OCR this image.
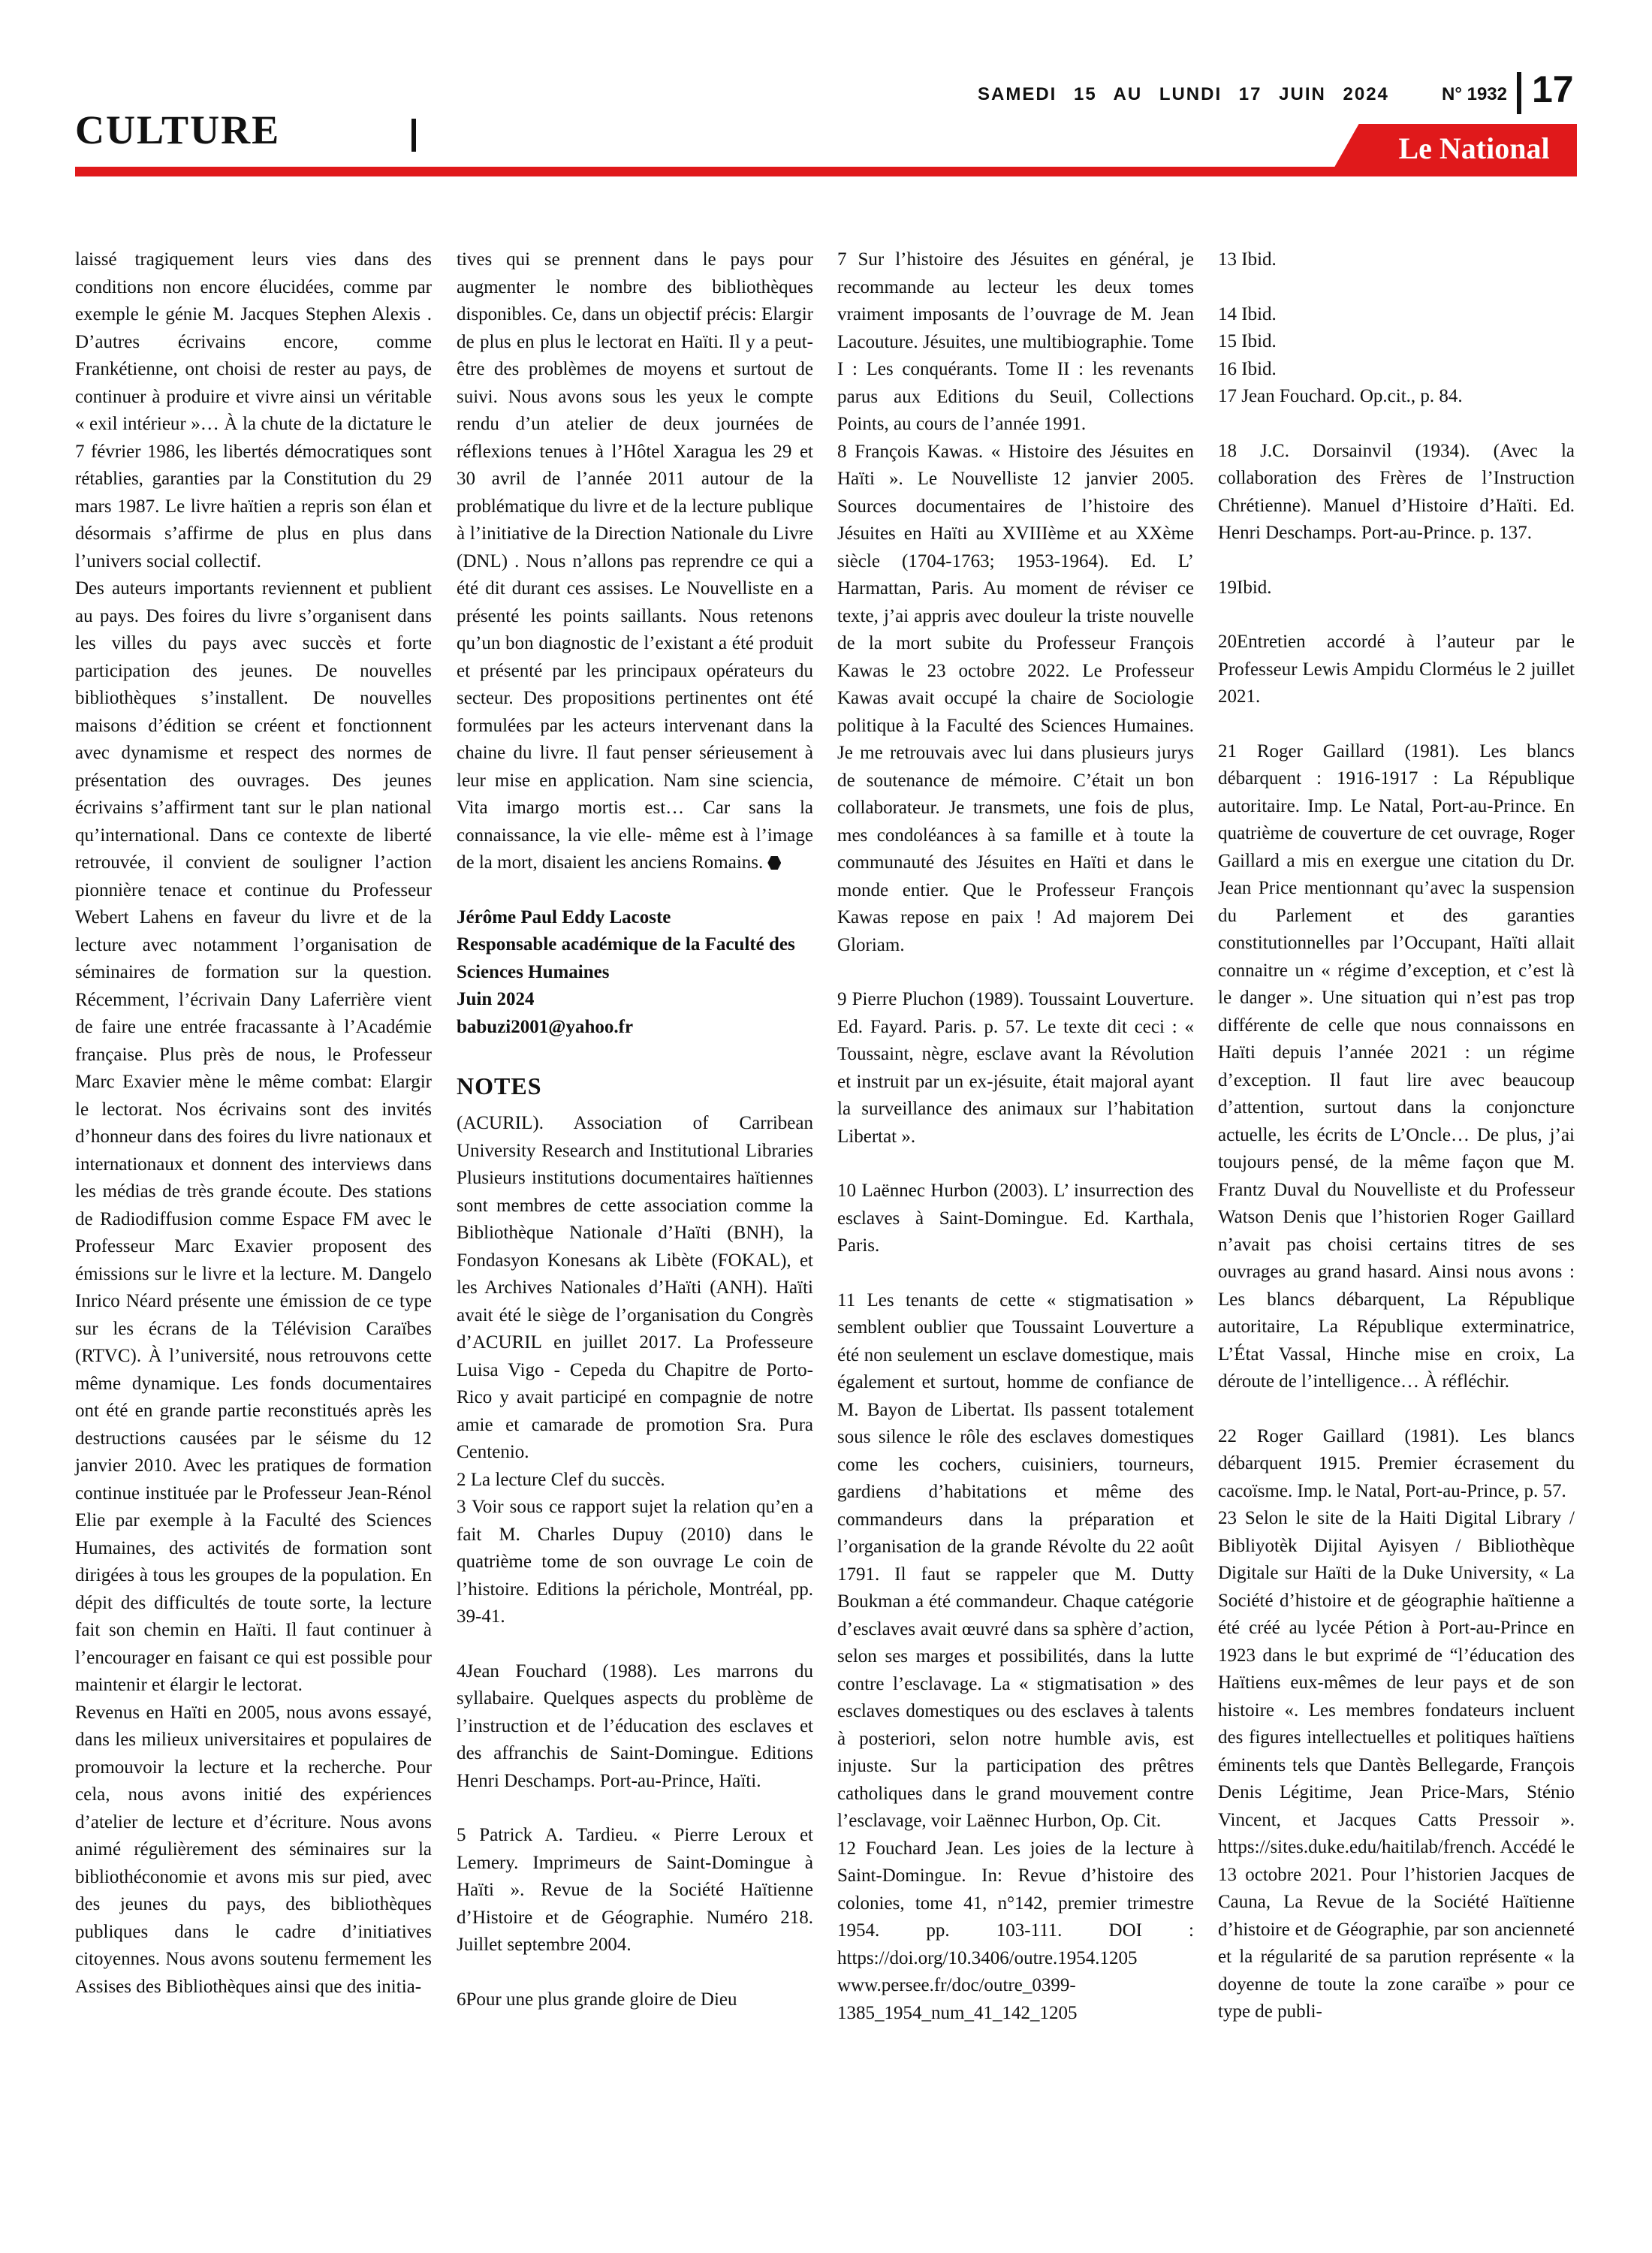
CULTURE
SAMEDI 15 AU LUNDI 17 JUIN 2024	N° 1932 17
Le National

laissé tragiquement leurs vies dans des conditions non encore élucidées, comme par exemple le génie M. Jacques Stephen Alexis . D’autres écrivains encore, comme Frankétienne, ont choisi de rester au pays, de continuer à produire et vivre ainsi un véritable « exil intérieur »… À la chute de la dictature le 7 février 1986, les libertés démocratiques sont rétablies, garanties par la Constitution du 29 mars 1987. Le livre haïtien a repris son élan et désormais s’affirme de plus en plus dans l’univers social collectif.

Des auteurs importants reviennent et publient au pays. Des foires du livre s’organisent dans les villes du pays avec succès et forte participation des jeunes. De nouvelles bibliothèques s’installent. De nouvelles maisons d’édition se créent et fonctionnent avec dynamisme et respect des normes de présentation des ouvrages. Des jeunes écrivains s’affirment tant sur le plan national qu’international. Dans ce contexte de liberté retrouvée, il convient de souligner l’action pionnière tenace et continue du Professeur Webert Lahens en faveur du livre et de la lecture avec notamment l’organisation de séminaires de formation sur la question. Récemment, l’écrivain Dany Laferrière vient de faire une entrée fracassante à l’Académie française. Plus près de nous, le Professeur Marc Exavier mène le même combat: Elargir le lectorat. Nos écrivains sont des invités d’honneur dans des foires du livre nationaux et internationaux et donnent des interviews dans les médias de très grande écoute. Des stations de Radiodiffusion comme Espace FM avec le Professeur Marc Exavier proposent des émissions sur le livre et la lecture. M. Dangelo Inrico Néard présente une émission de ce type sur les écrans de la Télévision Caraïbes (RTVC). À l’université, nous retrouvons cette même dynamique. Les fonds documentaires ont été en grande partie reconstitués après les destructions causées par le séisme du 12 janvier 2010. Avec les pratiques de formation continue instituée par le Professeur Jean-Rénol Elie par exemple à la Faculté des Sciences Humaines, des activités de formation sont dirigées à tous les groupes de la population. En dépit des difficultés de toute sorte, la lecture fait son chemin en Haïti. Il faut continuer à l’encourager en faisant ce qui est possible pour maintenir et élargir le lectorat.

Revenus en Haïti en 2005, nous avons essayé, dans les milieux universitaires et populaires de promouvoir la lecture et la recherche. Pour cela, nous avons initié des expériences d’atelier de lecture et d’écriture. Nous avons animé régulièrement des séminaires sur la bibliothéconomie et avons mis sur pied, avec des jeunes du pays, des bibliothèques publiques dans le cadre d’initiatives citoyennes. Nous avons soutenu fermement les Assises des Bibliothèques ainsi que des initia-

tives qui se prennent dans le pays pour augmenter le nombre des bibliothèques disponibles. Ce, dans un objectif précis: Elargir de plus en plus le lectorat en Haïti. Il y a peut-être des problèmes de moyens et surtout de suivi. Nous avons sous les yeux le compte rendu d’un atelier de deux journées de réflexions tenues à l’Hôtel Xaragua les 29 et 30 avril de l’année 2011 autour de la problématique du livre et de la lecture publique à l’initiative de la Direction Nationale du Livre (DNL) . Nous n’allons pas reprendre ce qui a été dit durant ces assises. Le Nouvelliste en a présenté les points saillants. Nous retenons qu’un bon diagnostic de l’existant a été produit et présenté par les principaux opérateurs du secteur. Des propositions pertinentes ont été formulées par les acteurs intervenant dans la chaine du livre. Il faut penser sérieusement à leur mise en application. Nam sine sciencia, Vita imargo mortis est… Car sans la connaissance, la vie elle- même est à l’image de la mort, disaient les anciens Romains.

Jérôme Paul Eddy Lacoste

Responsable académique de la Faculté des Sciences Humaines

Juin 2024

babuzi2001@yahoo.fr

NOTES

(ACURIL). Association of Carribean University Research and Institutional Libraries Plusieurs institutions documentaires haïtiennes sont membres de cette association comme la Bibliothèque Nationale d’Haïti (BNH), la Fondasyon Konesans ak Libète (FOKAL), et les Archives Nationales d’Haïti (ANH). Haïti avait été le siège de l’organisation du Congrès d’ACURIL en juillet 2017. La Professeure Luisa Vigo - Cepeda du Chapitre de Porto-Rico y avait participé en compagnie de notre amie et camarade de promotion Sra. Pura Centenio.

2 La lecture Clef du succès.

3 Voir sous ce rapport sujet la relation qu’en a fait M. Charles Dupuy (2010) dans le quatrième tome de son ouvrage Le coin de l’histoire. Editions la périchole, Montréal, pp. 39-41.

4Jean Fouchard (1988). Les marrons du syllabaire. Quelques aspects du problème de l’instruction et de l’éducation des esclaves et des affranchis de Saint-Domingue. Editions Henri Deschamps. Port-au-Prince, Haïti.

5 Patrick A. Tardieu. « Pierre Leroux et Lemery. Imprimeurs de Saint-Domingue à Haïti ». Revue de la Société Haïtienne d’Histoire et de Géographie. Numéro 218. Juillet septembre 2004.

6Pour une plus grande gloire de Dieu

7 Sur l’histoire des Jésuites en général, je recommande au lecteur les deux tomes vraiment imposants de l’ouvrage de M. Jean Lacouture. Jésuites, une multibiographie. Tome I : Les conquérants. Tome II : les revenants parus aux Editions du Seuil, Collections Points, au cours de l’année 1991.

8 François Kawas. « Histoire des Jésuites en Haïti ». Le Nouvelliste 12 janvier 2005. Sources documentaires de l’histoire des Jésuites en Haïti au XVIIIème et au XXème siècle (1704-1763; 1953-1964). Ed. L’ Harmattan, Paris. Au moment de réviser ce texte, j’ai appris avec douleur la triste nouvelle de la mort subite du Professeur François Kawas le 23 octobre 2022. Le Professeur Kawas avait occupé la chaire de Sociologie politique à la Faculté des Sciences Humaines. Je me retrouvais avec lui dans plusieurs jurys de soutenance de mémoire. C’était un bon collaborateur. Je transmets, une fois de plus, mes condoléances à sa famille et à toute la communauté des Jésuites en Haïti et dans le monde entier. Que le Professeur François Kawas repose en paix ! Ad majorem Dei Gloriam.

9 Pierre Pluchon (1989). Toussaint Louverture. Ed. Fayard. Paris. p. 57. Le texte dit ceci : « Toussaint, nègre, esclave avant la Révolution et instruit par un ex-jésuite, était majoral ayant la surveillance des animaux sur l’habitation Libertat ».

10 Laënnec Hurbon (2003). L’ insurrection des esclaves à Saint-Domingue. Ed. Karthala, Paris.

11 Les tenants de cette « stigmatisation » semblent oublier que Toussaint Louverture a été non seulement un esclave domestique, mais également et surtout, homme de confiance de M. Bayon de Libertat. Ils passent totalement sous silence le rôle des esclaves domestiques come les cochers, cuisiniers, tourneurs, gardiens d’habitations et même des commandeurs dans la préparation et l’organisation de la grande Révolte du 22 août 1791. Il faut se rappeler que M. Dutty Boukman a été commandeur. Chaque catégorie d’esclaves avait œuvré dans sa sphère d’action, selon ses marges et possibilités, dans la lutte contre l’esclavage. La « stigmatisation » des esclaves domestiques ou des esclaves à talents à posteriori, selon notre humble avis, est injuste. Sur la participation des prêtres catholiques dans le grand mouvement contre l’esclavage, voir Laënnec Hurbon, Op. Cit.

12 Fouchard Jean. Les joies de la lecture à Saint-Domingue. In: Revue d’histoire des colonies, tome 41, n°142, premier trimestre 1954. pp. 103-111. DOI : https://doi.org/10.3406/outre.1954.1205 www.persee.fr/doc/outre_0399-1385_1954_num_41_142_1205

13 Ibid.

14 Ibid.

15 Ibid.

16 Ibid.

17 Jean Fouchard. Op.cit., p. 84.

18 J.C. Dorsainvil (1934). (Avec la collaboration des Frères de l’Instruction Chrétienne). Manuel d’Histoire d’Haïti. Ed. Henri Deschamps. Port-au-Prince. p. 137.

19Ibid.

20Entretien accordé à l’auteur par le Professeur Lewis Ampidu Clorméus le 2 juillet 2021.

21 Roger Gaillard (1981). Les blancs débarquent : 1916-1917 : La République autoritaire. Imp. Le Natal, Port-au-Prince. En quatrième de couverture de cet ouvrage, Roger Gaillard a mis en exergue une citation du Dr. Jean Price mentionnant qu’avec la suspension du Parlement et des garanties constitutionnelles par l’Occupant, Haïti allait connaitre un « régime d’exception, et c’est là le danger ». Une situation qui n’est pas trop différente de celle que nous connaissons en Haïti depuis l’année 2021 : un régime d’exception. Il faut lire avec beaucoup d’attention, surtout dans la conjoncture actuelle, les écrits de L’Oncle… De plus, j’ai toujours pensé, de la même façon que M. Frantz Duval du Nouvelliste et du Professeur Watson Denis que l’historien Roger Gaillard n’avait pas choisi certains titres de ses ouvrages au grand hasard. Ainsi nous avons : Les blancs débarquent, La République autoritaire, La République exterminatrice, L’État Vassal, Hinche mise en croix, La déroute de l’intelligence… À réfléchir.

22 Roger Gaillard (1981). Les blancs débarquent 1915. Premier écrasement du cacoïsme. Imp. le Natal, Port-au-Prince, p. 57.

23 Selon le site de la Haiti Digital Library / Bibliyotèk Dijital Ayisyen / Bibliothèque Digitale sur Haïti de la Duke University, « La Société d’histoire et de géographie haïtienne a été créé au lycée Pétion à Port-au-Prince en 1923 dans le but exprimé de “l’éducation des Haïtiens eux-mêmes de leur pays et de son histoire «. Les membres fondateurs incluent des figures intellectuelles et politiques haïtiens éminents tels que Dantès Bellegarde, François Denis Légitime, Jean Price-Mars, Sténio Vincent, et Jacques Catts Pressoir ». https://sites.duke.edu/haitilab/french. Accédé le 13 octobre 2021. Pour l’historien Jacques de Cauna, La Revue de la Société Haïtienne d’histoire et de Géographie, par son ancienneté et la régularité de sa parution représente « la doyenne de toute la zone caraïbe » pour ce type de publi-
